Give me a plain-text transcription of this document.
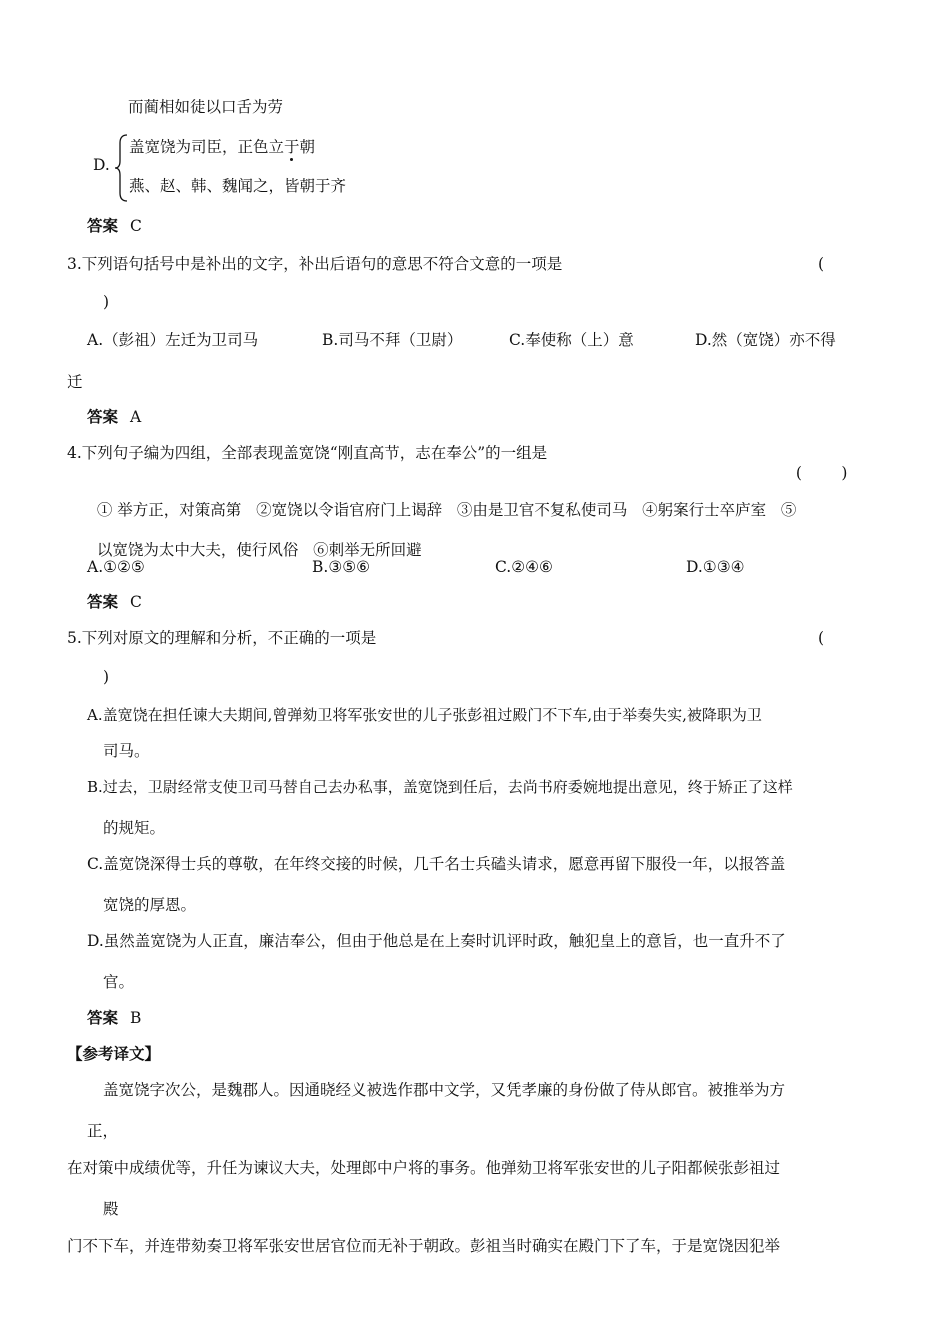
而蔺相如徒以口舌为劳
D.
盖宽饶为司臣，正色立于朝
燕、赵、韩、魏闻之，皆朝于齐
答案 C
3.下列语句括号中是补出的文字，补出后语句的意思不符合文意的一项是	(
)
A.（彭祖）左迁为卫司马	B.司马不拜（卫尉）	C.奉使称（上）意	D.然（宽饶）亦不得
迁
答案 A
4.下列句子编为四组，全部表现盖宽饶“刚直高节，志在奉公”的一组是

(        )

① 举方正，对策高第   ②宽饶以令诣官府门上谒辞   ③由是卫官不复私使司马   ④躬案行士卒庐室   ⑤

以宽饶为太中大夫，使行风俗   ⑥刺举无所回避

A.①②⑤	B.③⑤⑥	C.②④⑥	D.①③④
答案 C
5.下列对原文的理解和分析，不正确的一项是	(
)
A.盖宽饶在担任谏大夫期间,曾弹劾卫将军张安世的儿子张彭祖过殿门不下车,由于举奏失实,被降职为卫
司马。
B.过去，卫尉经常支使卫司马替自己去办私事，盖宽饶到任后，去尚书府委婉地提出意见，终于矫正了这样
的规矩。
C.盖宽饶深得士兵的尊敬，在年终交接的时候，几千名士兵磕头请求，愿意再留下服役一年，以报答盖
宽饶的厚恩。
D.虽然盖宽饶为人正直，廉洁奉公，但由于他总是在上奏时讥评时政，触犯皇上的意旨，也一直升不了
官。
答案 B
【参考译文】
盖宽饶字次公，是魏郡人。因通晓经义被选作郡中文学，又凭孝廉的身份做了侍从郎官。被推举为方
正，
在对策中成绩优等，升任为谏议大夫，处理郎中户将的事务。他弹劾卫将军张安世的儿子阳都候张彭祖过
殿
门不下车，并连带劾奏卫将军张安世居官位而无补于朝政。彭祖当时确实在殿门下了车，于是宽饶因犯举
